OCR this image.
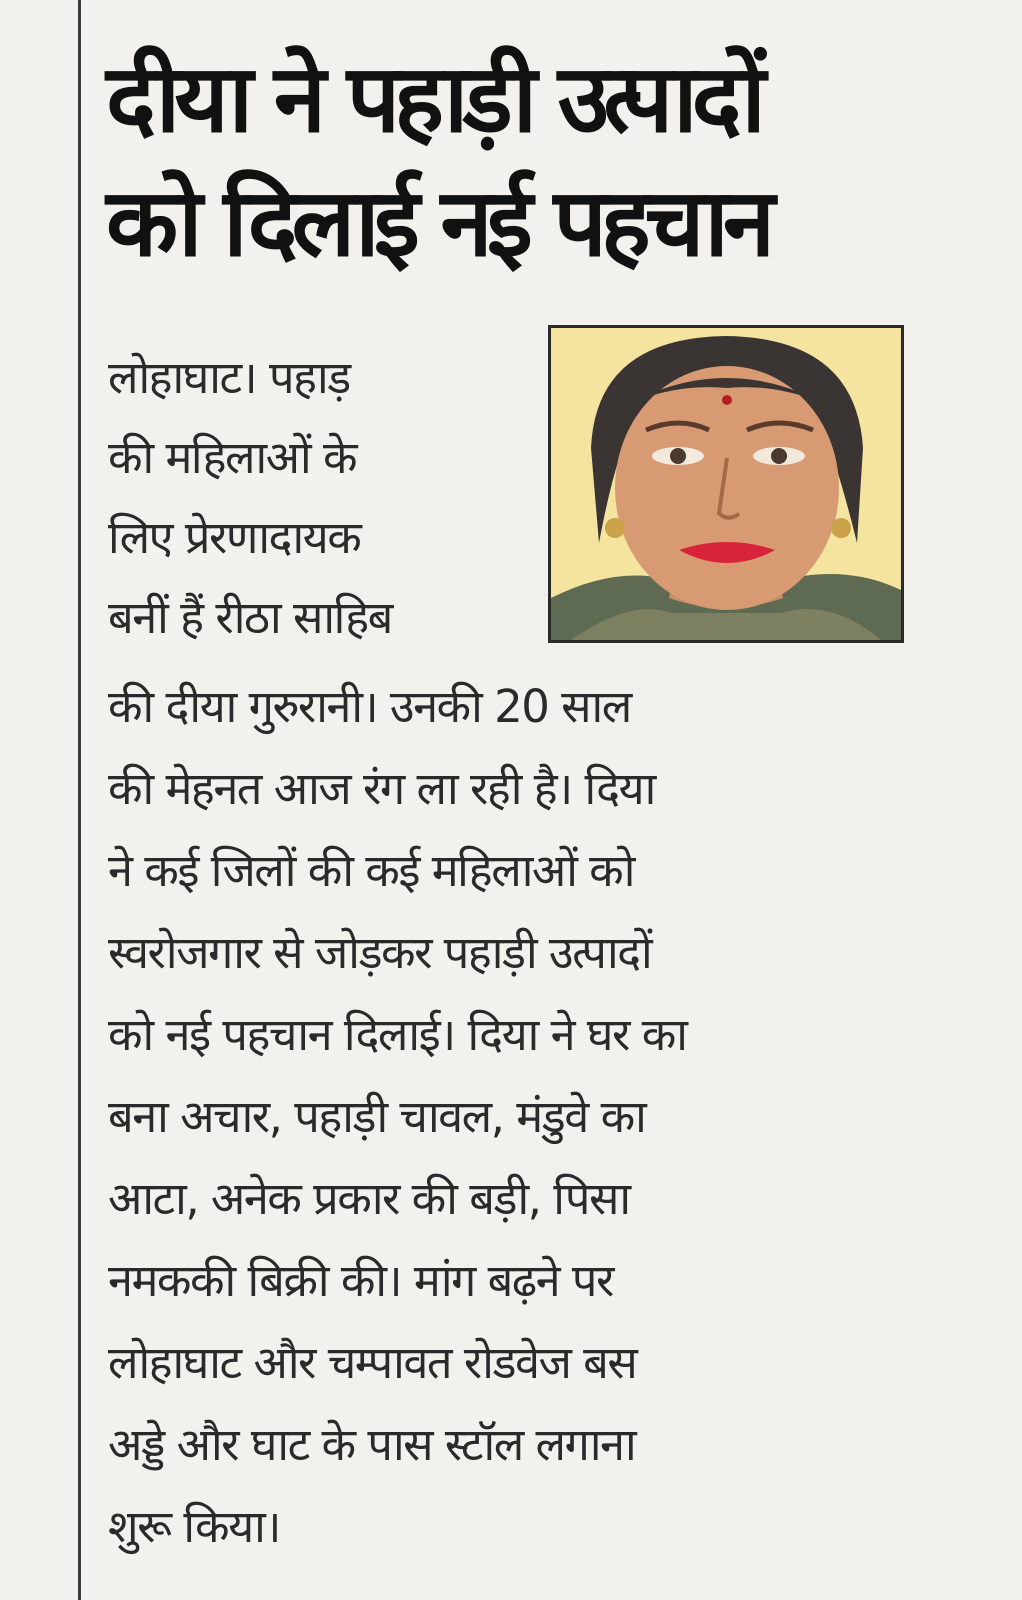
दीया ने पहाड़ी उत्पादों
को दिलाई नई पहचान
लोहाघाट। पहाड़
की महिलाओं के
लिए प्रेरणादायक
बनीं हैं रीठा साहिब
की दीया गुरुरानी। उनकी 20 साल
की मेहनत आज रंग ला रही है। दिया
ने कई जिलों की कई महिलाओं को
स्वरोजगार से जोड़कर पहाड़ी उत्पादों
को नई पहचान दिलाई। दिया ने घर का
बना अचार, पहाड़ी चावल, मंडुवे का
आटा, अनेक प्रकार की बड़ी, पिसा
नमककी बिक्री की। मांग बढ़ने पर
लोहाघाट और चम्पावत रोडवेज बस
अड्डे और घाट के पास स्टॉल लगाना
शुरू किया।
